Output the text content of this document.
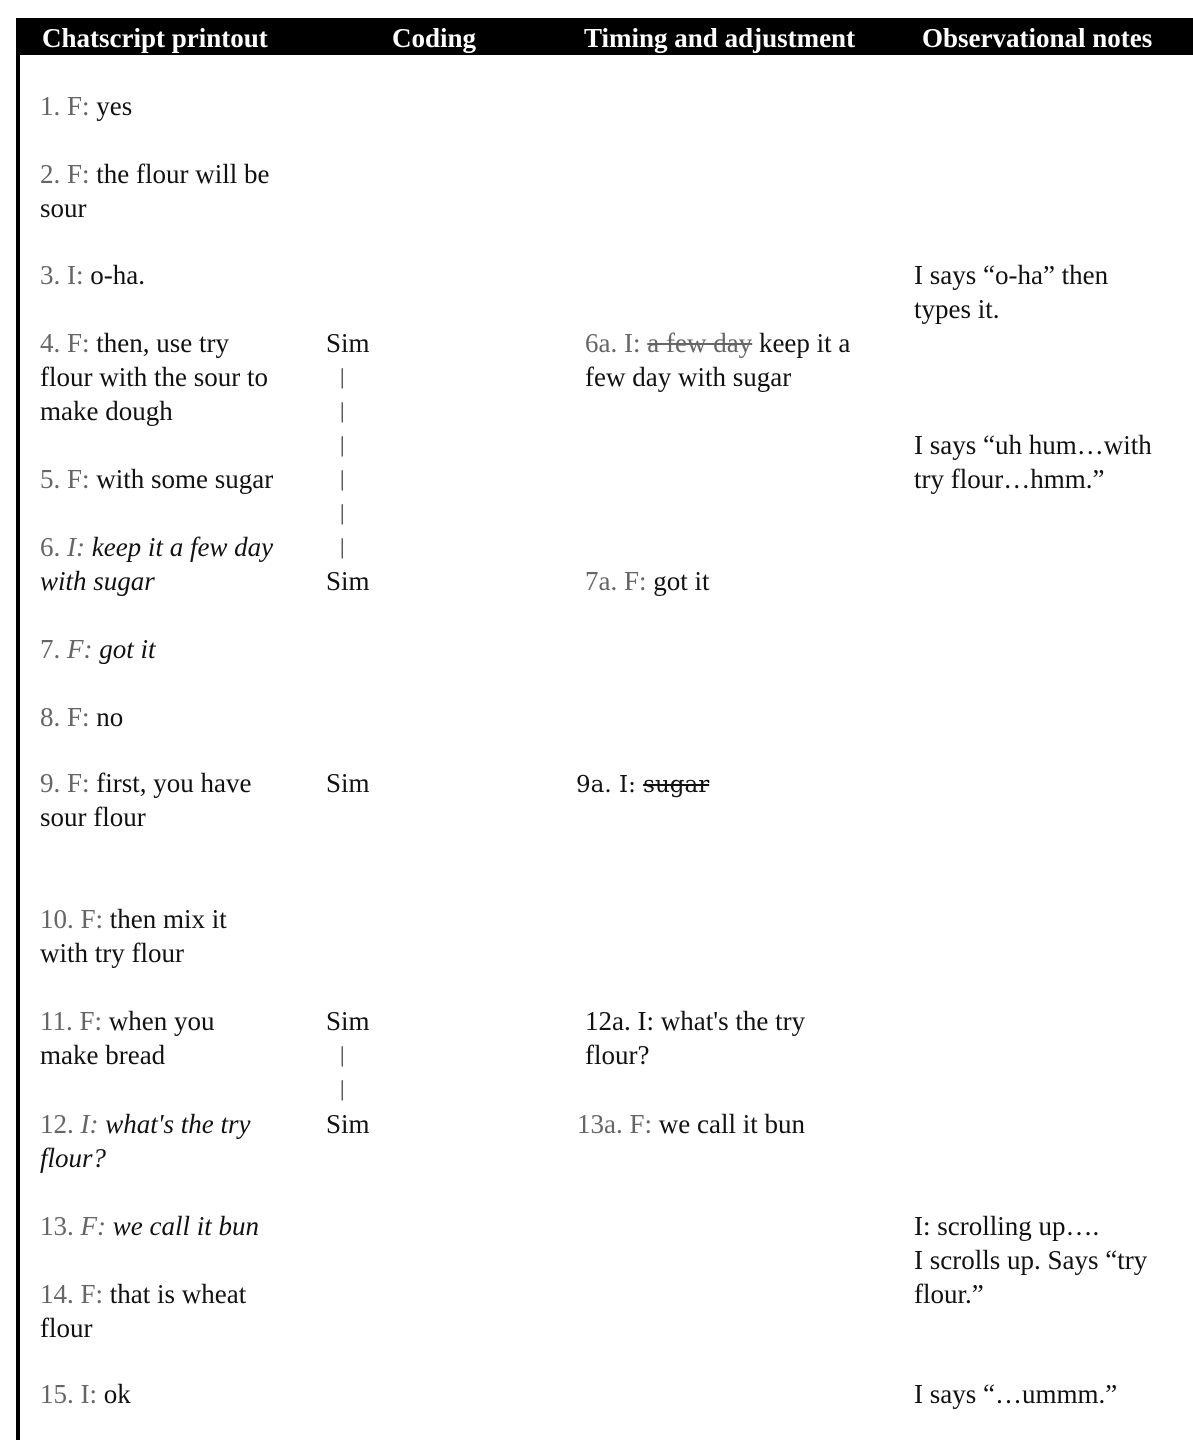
Chatscript printout	Coding	Timing and adjustment Observational notes
1. F: yes
2. F: the flour will be
sour
3. I: o-ha.
4. F: then, use try
flour with the sour to
make dough
5. F: with some sugar
6. I: keep it a few day
with sugar
7. F: got it
8. F: no
9. F: first, you have
sour flour
10. F: then mix it
with try flour
11. F: when you
make bread
12. I: what's the try
flour?
13. F: we call it bun
14. F: that is wheat
flour
15. I: ok
Sim
|
|
|
|
|
|
Sim
Sim
Sim
|
|
Sim
6a. I: a few day keep it a
few day with sugar
7a. F: got it
9a. I: sugar
12a. I: what's the try
flour?
13a. F: we call it bun
I says “o-ha” then
types it.
I says “uh hum…with
try flour…hmm.”
I: scrolling up….
I scrolls up. Says “try
flour.”
I says “…ummm.”
